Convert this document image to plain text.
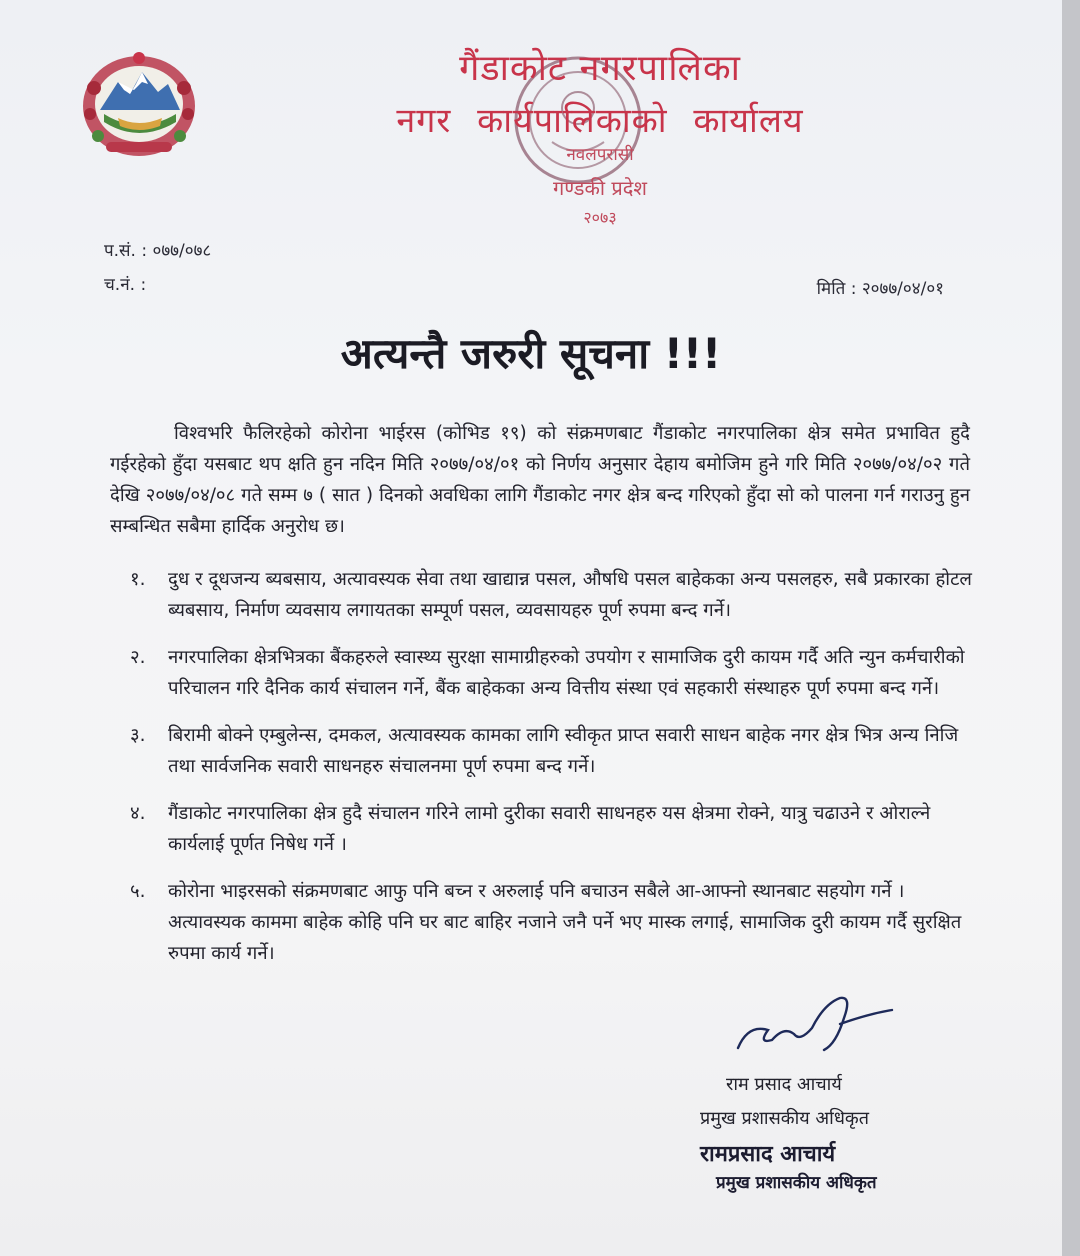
गैंडाकोट नगरपालिका
नगर कार्यपालिकाको कार्यालय
नवलपरासी
गण्डकी प्रदेश
२०७३
प.सं. : ०७७/०७८
च.नं. :	मिति : २०७७/०४/०१
अत्यन्तै जरुरी सूचना !!!

विश्वभरि फैलिरहेको कोरोना भाईरस (कोभिड १९) को संक्रमणबाट गैंडाकोट नगरपालिका क्षेत्र समेत प्रभावित हुदै गईरहेको हुँदा यसबाट थप क्षति हुन नदिन मिति २०७७/०४/०१ को निर्णय अनुसार देहाय बमोजिम हुने गरि मिति २०७७/०४/०२ गते देखि २०७७/०४/०८ गते सम्म ७ ( सात ) दिनको अवधिका लागि गैंडाकोट नगर क्षेत्र बन्द गरिएको हुँदा सो को पालना गर्न गराउनु हुन सम्बन्धित सबैमा हार्दिक अनुरोध छ।

१. दुध र दूधजन्य ब्यबसाय, अत्यावस्यक सेवा तथा खाद्यान्न पसल, औषधि पसल बाहेकका अन्य पसलहरु, सबै प्रकारका होटल ब्यबसाय, निर्माण व्यवसाय लगायतका सम्पूर्ण पसल, व्यवसायहरु पूर्ण रुपमा बन्द गर्ने।
२. नगरपालिका क्षेत्रभित्रका बैंकहरुले स्वास्थ्य सुरक्षा सामाग्रीहरुको उपयोग र सामाजिक दुरी कायम गर्दै अति न्युन कर्मचारीको परिचालन गरि दैनिक कार्य संचालन गर्ने, बैंक बाहेकका अन्य वित्तीय संस्था एवं सहकारी संस्थाहरु पूर्ण रुपमा बन्द गर्ने।
३. बिरामी बोक्ने एम्बुलेन्स, दमकल, अत्यावस्यक कामका लागि स्वीकृत प्राप्त सवारी साधन बाहेक नगर क्षेत्र भित्र अन्य निजि तथा सार्वजनिक सवारी साधनहरु संचालनमा पूर्ण रुपमा बन्द गर्ने।
४. गैंडाकोट नगरपालिका क्षेत्र हुदै संचालन गरिने लामो दुरीका सवारी साधनहरु यस क्षेत्रमा रोक्ने, यात्रु चढाउने र ओराल्ने कार्यलाई पूर्णत निषेध गर्ने ।
५. कोरोना भाइरसको संक्रमणबाट आफु पनि बच्न र अरुलाई पनि बचाउन सबैले आ-आफ्नो स्थानबाट सहयोग गर्ने । अत्यावस्यक काममा बाहेक कोहि पनि घर बाट बाहिर नजाने जनै पर्ने भए मास्क लगाई, सामाजिक दुरी कायम गर्दै सुरक्षित रुपमा कार्य गर्ने।
राम प्रसाद आचार्य
प्रमुख प्रशासकीय अधिकृत
रामप्रसाद आचार्य
प्रमुख प्रशासकीय अधिकृत
